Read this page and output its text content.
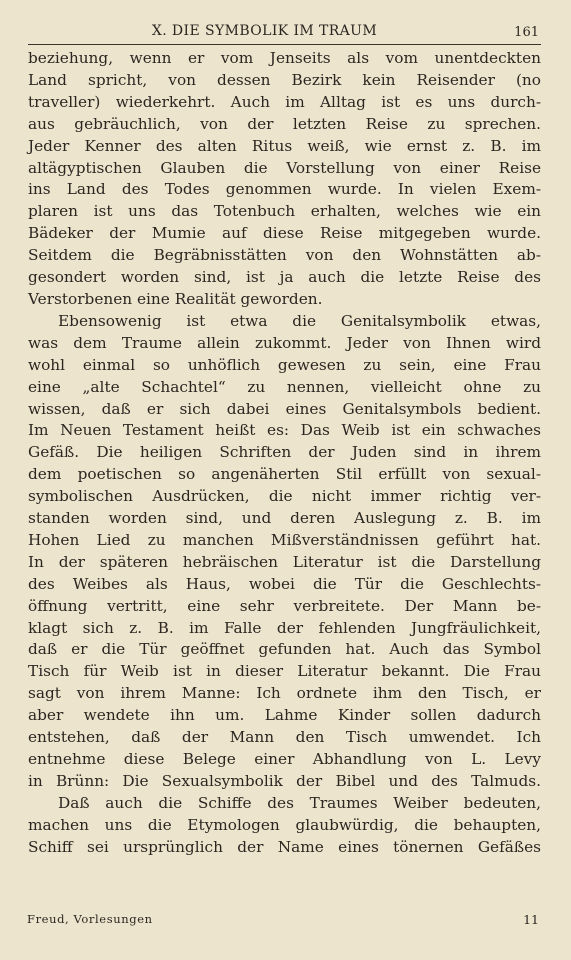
X. DIE SYMBOLIK IM TRAUM	161
beziehung, wenn er vom Jenseits als vom unentdeckten
Land spricht, von dessen Bezirk kein Reisender (no
traveller) wiederkehrt. Auch im Alltag ist es uns durch-
aus gebräuchlich, von der letzten Reise zu sprechen.
Jeder Kenner des alten Ritus weiß, wie ernst z. B. im
altägyptischen Glauben die Vorstellung von einer Reise
ins Land des Todes genommen wurde. In vielen Exem-
plaren ist uns das Totenbuch erhalten, welches wie ein
Bädeker der Mumie auf diese Reise mitgegeben wurde.
Seitdem die Begräbnisstätten von den Wohnstätten ab-
gesondert worden sind, ist ja auch die letzte Reise des
Verstorbenen eine Realität geworden.
Ebensowenig ist etwa die Genitalsymbolik etwas,
was dem Traume allein zukommt. Jeder von Ihnen wird
wohl einmal so unhöflich gewesen zu sein, eine Frau
eine „alte Schachtel“ zu nennen, vielleicht ohne zu
wissen, daß er sich dabei eines Genitalsymbols bedient.
Im Neuen Testament heißt es: Das Weib ist ein schwaches
Gefäß. Die heiligen Schriften der Juden sind in ihrem
dem poetischen so angenäherten Stil erfüllt von sexual-
symbolischen Ausdrücken, die nicht immer richtig ver-
standen worden sind, und deren Auslegung z. B. im
Hohen Lied zu manchen Mißverständnissen geführt hat.
In der späteren hebräischen Literatur ist die Darstellung
des Weibes als Haus, wobei die Tür die Geschlechts-
öffnung vertritt, eine sehr verbreitete. Der Mann be-
klagt sich z. B. im Falle der fehlenden Jungfräulichkeit,
daß er die Tür geöffnet gefunden hat. Auch das Symbol
Tisch für Weib ist in dieser Literatur bekannt. Die Frau
sagt von ihrem Manne: Ich ordnete ihm den Tisch, er
aber wendete ihn um. Lahme Kinder sollen dadurch
entstehen, daß der Mann den Tisch umwendet. Ich
entnehme diese Belege einer Abhandlung von L. Levy
in Brünn: Die Sexualsymbolik der Bibel und des Talmuds.
Daß auch die Schiffe des Traumes Weiber bedeuten,
machen uns die Etymologen glaubwürdig, die behaupten,
Schiff sei ursprünglich der Name eines tönernen Gefäßes
Freud, Vorlesungen	11
